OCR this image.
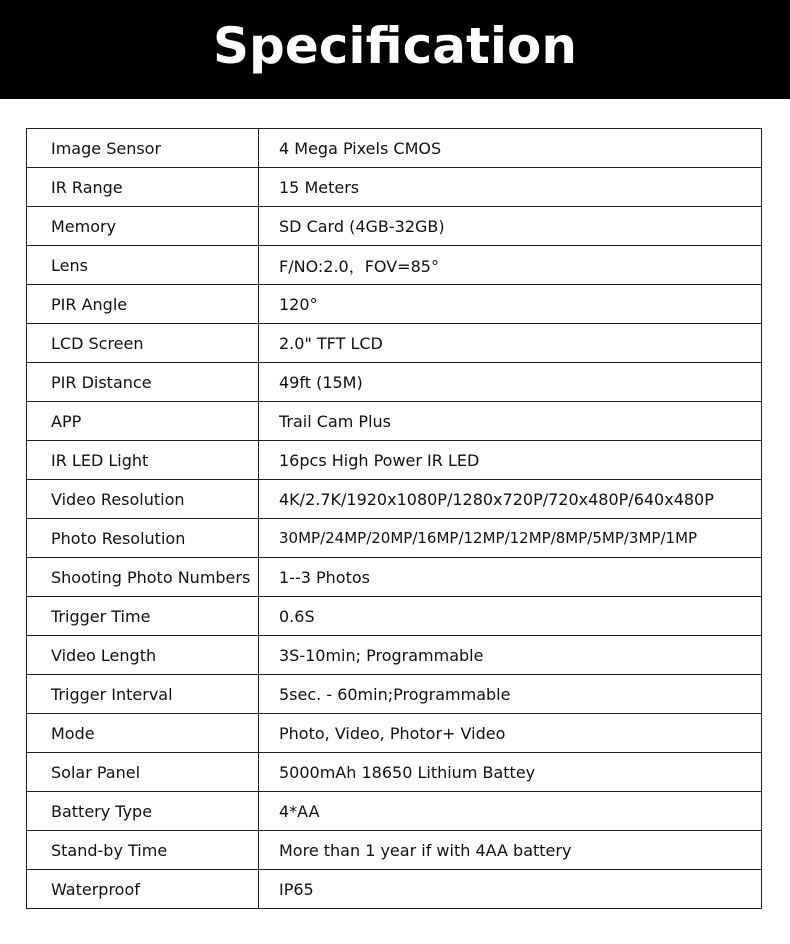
Specification
Image Sensor	4 Mega Pixels CMOS
IR Range	15 Meters
Memory	SD Card (4GB-32GB)
Lens	F/NO:2.0，FOV=85°
PIR Angle	120°
LCD Screen	2.0" TFT LCD
PIR Distance	49ft (15M)
APP	Trail Cam Plus
IR LED Light	16pcs High Power IR LED
Video Resolution	4K/2.7K/1920x1080P/1280x720P/720x480P/640x480P
Photo Resolution	30MP/24MP/20MP/16MP/12MP/12MP/8MP/5MP/3MP/1MP
Shooting Photo Numbers	1--3 Photos
Trigger Time	0.6S
Video Length	3S-10min; Programmable
Trigger Interval	5sec. - 60min;Programmable
Mode	Photo, Video, Photor+ Video
Solar Panel	5000mAh 18650 Lithium Battey
Battery Type	4*AA
Stand-by Time	More than 1 year if with 4AA battery
Waterproof	IP65
